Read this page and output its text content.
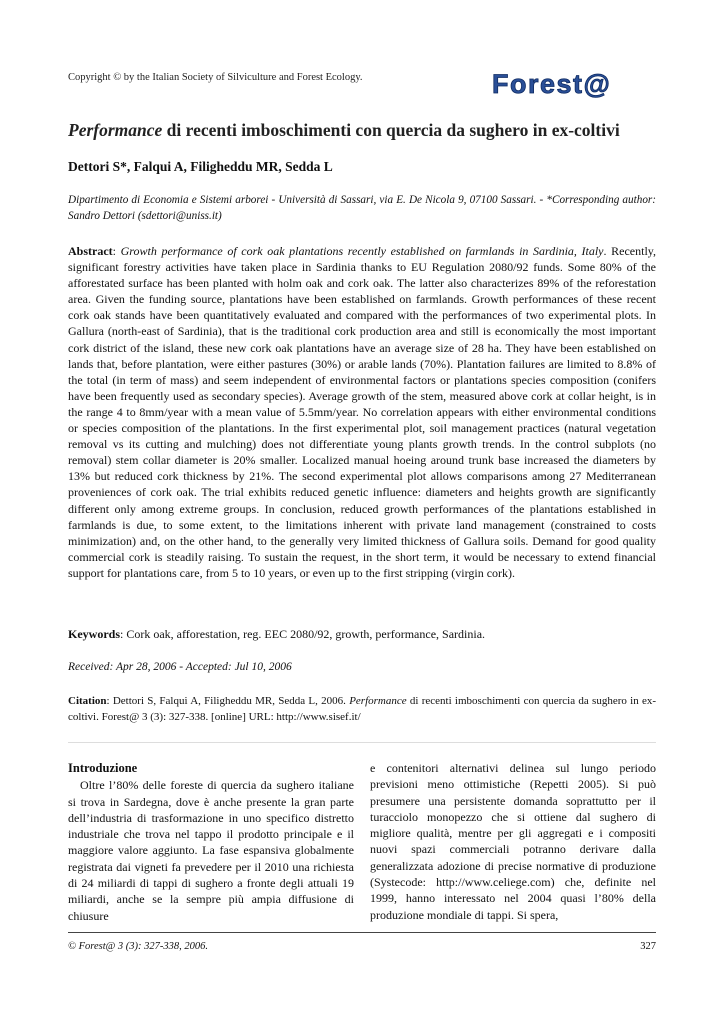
Copyright © by the Italian Society of Silviculture and Forest Ecology.	Forest@
Performance di recenti imboschimenti con quercia da sughero in ex-coltivi
Dettori S*, Falqui A, Filigheddu MR, Sedda L
Dipartimento di Economia e Sistemi arborei - Università di Sassari, via E. De Nicola 9, 07100 Sassari. - *Corresponding author: Sandro Dettori (sdettori@uniss.it)
Abstract: Growth performance of cork oak plantations recently established on farmlands in Sardinia, Italy. Recently, significant forestry activities have taken place in Sardinia thanks to EU Regulation 2080/92 funds. Some 80% of the afforestated surface has been planted with holm oak and cork oak. The latter also characterizes 89% of the reforestation area. Given the funding source, plantations have been established on farmlands. Growth performances of these recent cork oak stands have been quantitatively evaluated and compared with the performances of two experimental plots. In Gallura (north-east of Sardinia), that is the traditional cork production area and still is economically the most important cork district of the island, these new cork oak plantations have an average size of 28 ha. They have been established on lands that, before plantation, were either pastures (30%) or arable lands (70%). Plantation failures are limited to 8.8% of the total (in term of mass) and seem independent of environmental factors or plantations species composition (conifers have been frequently used as secondary species). Average growth of the stem, measured above cork at collar height, is in the range 4 to 8mm/year with a mean value of 5.5mm/year. No correlation appears with either environmental conditions or species composition of the plantations. In the first experimental plot, soil management practices (natural vegetation removal vs its cutting and mulching) does not differentiate young plants growth trends. In the control subplots (no removal) stem collar diameter is 20% smaller. Localized manual hoeing around trunk base increased the diameters by 13% but reduced cork thickness by 21%. The second experimental plot allows comparisons among 27 Mediterranean proveniences of cork oak. The trial exhibits reduced genetic influence: diameters and heights growth are significantly different only among extreme groups. In conclusion, reduced growth performances of the plantations established in farmlands is due, to some extent, to the limitations inherent with private land management (constrained to costs minimization) and, on the other hand, to the generally very limited thickness of Gallura soils. Demand for good quality commercial cork is steadily raising. To sustain the request, in the short term, it would be necessary to extend financial support for plantations care, from 5 to 10 years, or even up to the first stripping (virgin cork).
Keywords: Cork oak, afforestation, reg. EEC 2080/92, growth, performance, Sardinia.
Received: Apr 28, 2006 - Accepted: Jul 10, 2006
Citation: Dettori S, Falqui A, Filigheddu MR, Sedda L, 2006. Performance di recenti imboschimenti con quercia da sughero in ex-coltivi. Forest@ 3 (3): 327-338. [online] URL: http://www.sisef.it/
Introduzione
Oltre l’80% delle foreste di quercia da sughero italiane si trova in Sardegna, dove è anche presente la gran parte dell’industria di trasformazione in uno specifico distretto industriale che trova nel tappo il prodotto principale e il maggiore valore aggiunto. La fase espansiva globalmente registrata dai vigneti fa prevedere per il 2010 una richiesta di 24 miliardi di tappi di sughero a fronte degli attuali 19 miliardi, anche se la sempre più ampia diffusione di chiusure
e contenitori alternativi delinea sul lungo periodo previsioni meno ottimistiche (Repetti 2005). Si può presumere una persistente domanda soprattutto per il turacciolo monopezzo che si ottiene dal sughero di migliore qualità, mentre per gli aggregati e i compositi nuovi spazi commerciali potranno derivare dalla generalizzata adozione di precise normative di produzione (Systecode: http://www.celiege.com) che, definite nel 1999, hanno interessato nel 2004 quasi l’80% della produzione mondiale di tappi. Si spera,
© Forest@ 3 (3): 327-338, 2006.	327
